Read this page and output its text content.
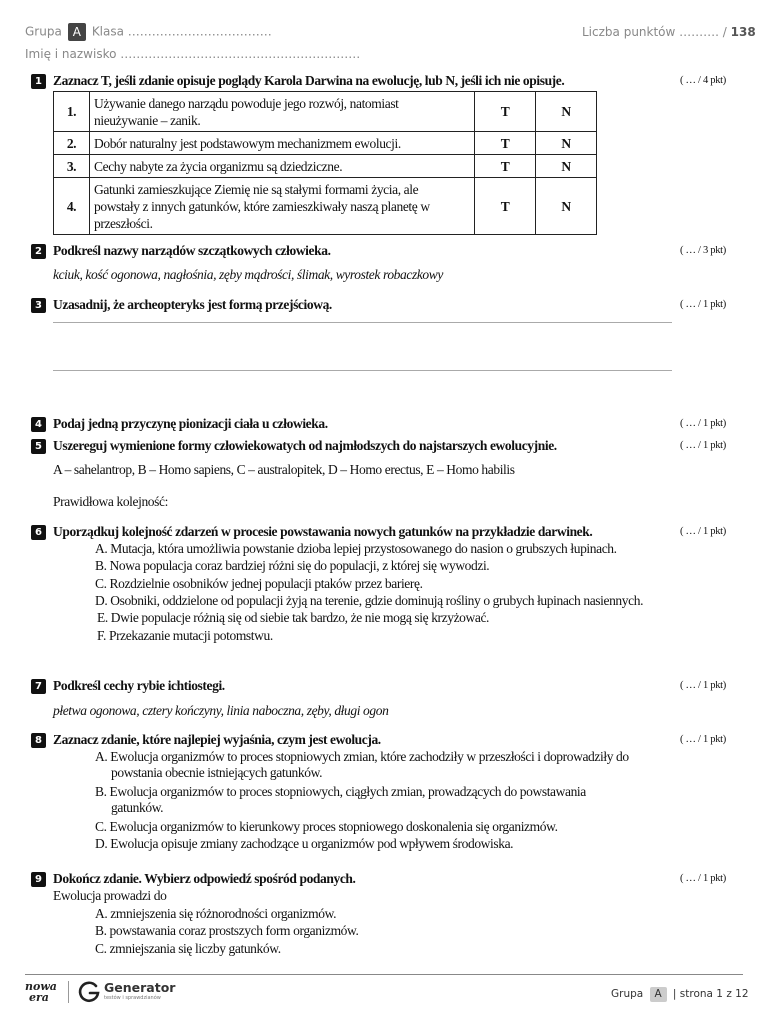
Grupa A Klasa ………………………………	Liczba punktów ………. / 138
Imię i nazwisko ……………………………………………………
1 Zaznacz T, jeśli zdanie opisuje poglądy Karola Darwina na ewolucję, lub N, jeśli ich nie opisuje.	( … / 4 pkt)
1.	Używanie danego narządu powoduje jego rozwój, natomiast
nieużywanie – zanik.	T	N
2.	Dobór naturalny jest podstawowym mechanizmem ewolucji.	T	N
3.	Cechy nabyte za życia organizmu są dziedziczne.	T	N
4.	Gatunki zamieszkujące Ziemię nie są stałymi formami życia, ale
powstały z innych gatunków, które zamieszkiwały naszą planetę w
przeszłości.	T	N
2 Podkreśl nazwy narządów szczątkowych człowieka.	( … / 3 pkt)
kciuk, kość ogonowa, nagłośnia, zęby mądrości, ślimak, wyrostek robaczkowy
3 Uzasadnij, że archeopteryks jest formą przejściową.	( … / 1 pkt)
4 Podaj jedną przyczynę pionizacji ciała u człowieka.	( … / 1 pkt)
5 Uszereguj wymienione formy człowiekowatych od najmłodszych do najstarszych ewolucyjnie.	( … / 1 pkt)
A – sahelantrop, B – Homo sapiens, C – australopitek, D – Homo erectus, E – Homo habilis
Prawidłowa kolejność:
6 Uporządkuj kolejność zdarzeń w procesie powstawania nowych gatunków na przykładzie darwinek.	( … / 1 pkt)
A. Mutacja, która umożliwia powstanie dzioba lepiej przystosowanego do nasion o grubszych łupinach.
B. Nowa populacja coraz bardziej różni się do populacji, z której się wywodzi.
C. Rozdzielnie osobników jednej populacji ptaków przez barierę.
D. Osobniki, oddzielone od populacji żyją na terenie, gdzie dominują rośliny o grubych łupinach nasiennych.
E. Dwie populacje różnią się od siebie tak bardzo, że nie mogą się krzyżować.
F. Przekazanie mutacji potomstwu.
7 Podkreśl cechy rybie ichtiostegi.	( … / 1 pkt)
płetwa ogonowa, cztery kończyny, linia naboczna, zęby, długi ogon
8 Zaznacz zdanie, które najlepiej wyjaśnia, czym jest ewolucja.	( … / 1 pkt)
A. Ewolucja organizmów to proces stopniowych zmian, które zachodziły w przeszłości i doprowadziły do
powstania obecnie istniejących gatunków.
B. Ewolucja organizmów to proces stopniowych, ciągłych zmian, prowadzących do powstawania
gatunków.
C. Ewolucja organizmów to kierunkowy proces stopniowego doskonalenia się organizmów.
D. Ewolucja opisuje zmiany zachodzące u organizmów pod wpływem środowiska.
9 Dokończ zdanie. Wybierz odpowiedź spośród podanych.	( … / 1 pkt)
Ewolucja prowadzi do
A. zmniejszenia się różnorodności organizmów.
B. powstawania coraz prostszych form organizmów.
C. zmniejszania się liczby gatunków.
nowa
era
Generator
testów i sprawdzianów	Grupa A | strona 1 z 12
